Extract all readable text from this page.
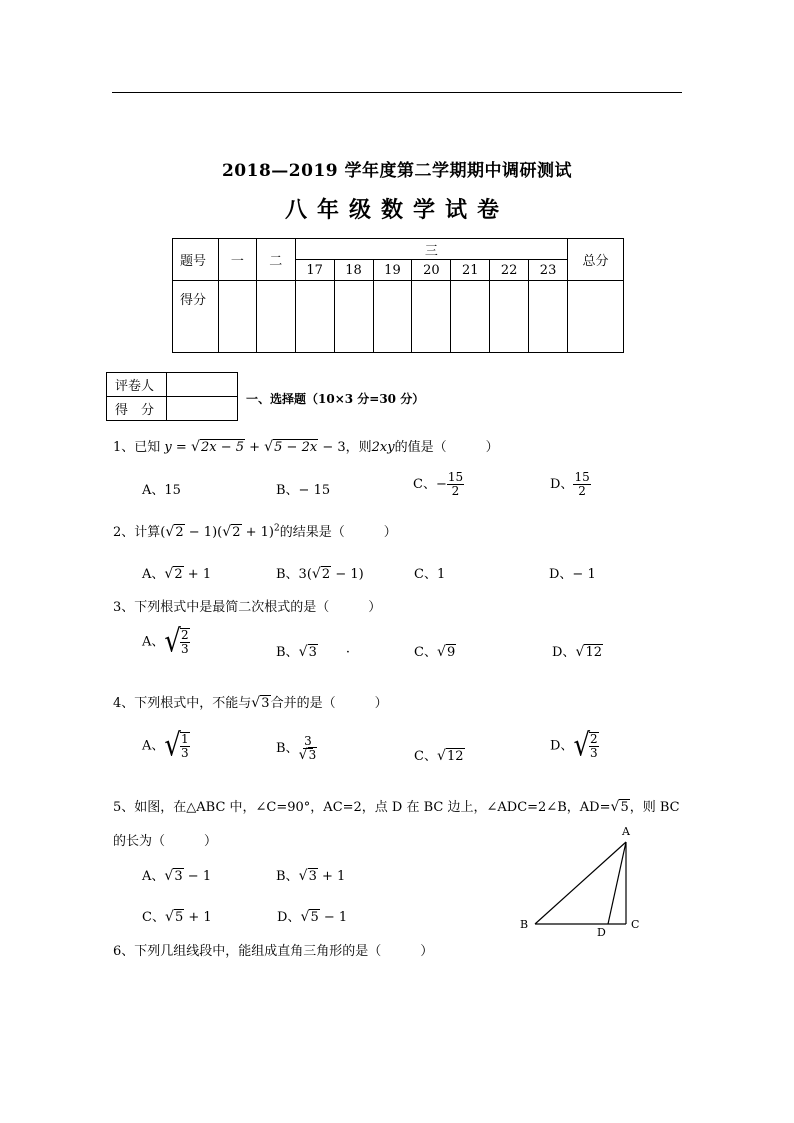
2018—2019 学年度第二学期期中调研测试
八年级数学试卷
题号	一	二	三							总分
			17	18	19	20	21	22	23	
得分										
评卷人	
得　分	
一、选择题（10×3 分=30 分）
1、已知 y = √ 2x − 5 + √ 5 − 2x − 3，则2xy的值是（　　　）
A、15	B、− 15	C、− $\frac{15}{2}$	D、 $\frac{15}{2}$
2、计算( √ 2 − 1)( √ 2 + 1)$^2$的结果是（　　　）
A、 √ 2 + 1	B、3( √ 2 − 1)	C、1	D、− 1
3、下列根式中是最简二次根式的是（　　　）
A、 √ $\frac{2}{3}$	B、 √ 3 ·	C、 √ 9	D、 √ 12
4、下列根式中，不能与 √ 3合并的是（　　　）
A、 √ $\frac{1}{3}$	B、 3
√ 3	C、 √ 12
D、 √ $\frac{2}{3}$
5、如图，在△ABC 中，∠C=90°，AC=2，点 D 在 BC 边上，∠ADC=2∠B，AD= √ 5，则 BC
的长为（　　　）
A、 √ 3 − 1	B、 √ 3 + 1
C、 √ 5 + 1	D、 √ 5 − 1
A
B	C
D
6、下列几组线段中，能组成直角三角形的是（　　　）
